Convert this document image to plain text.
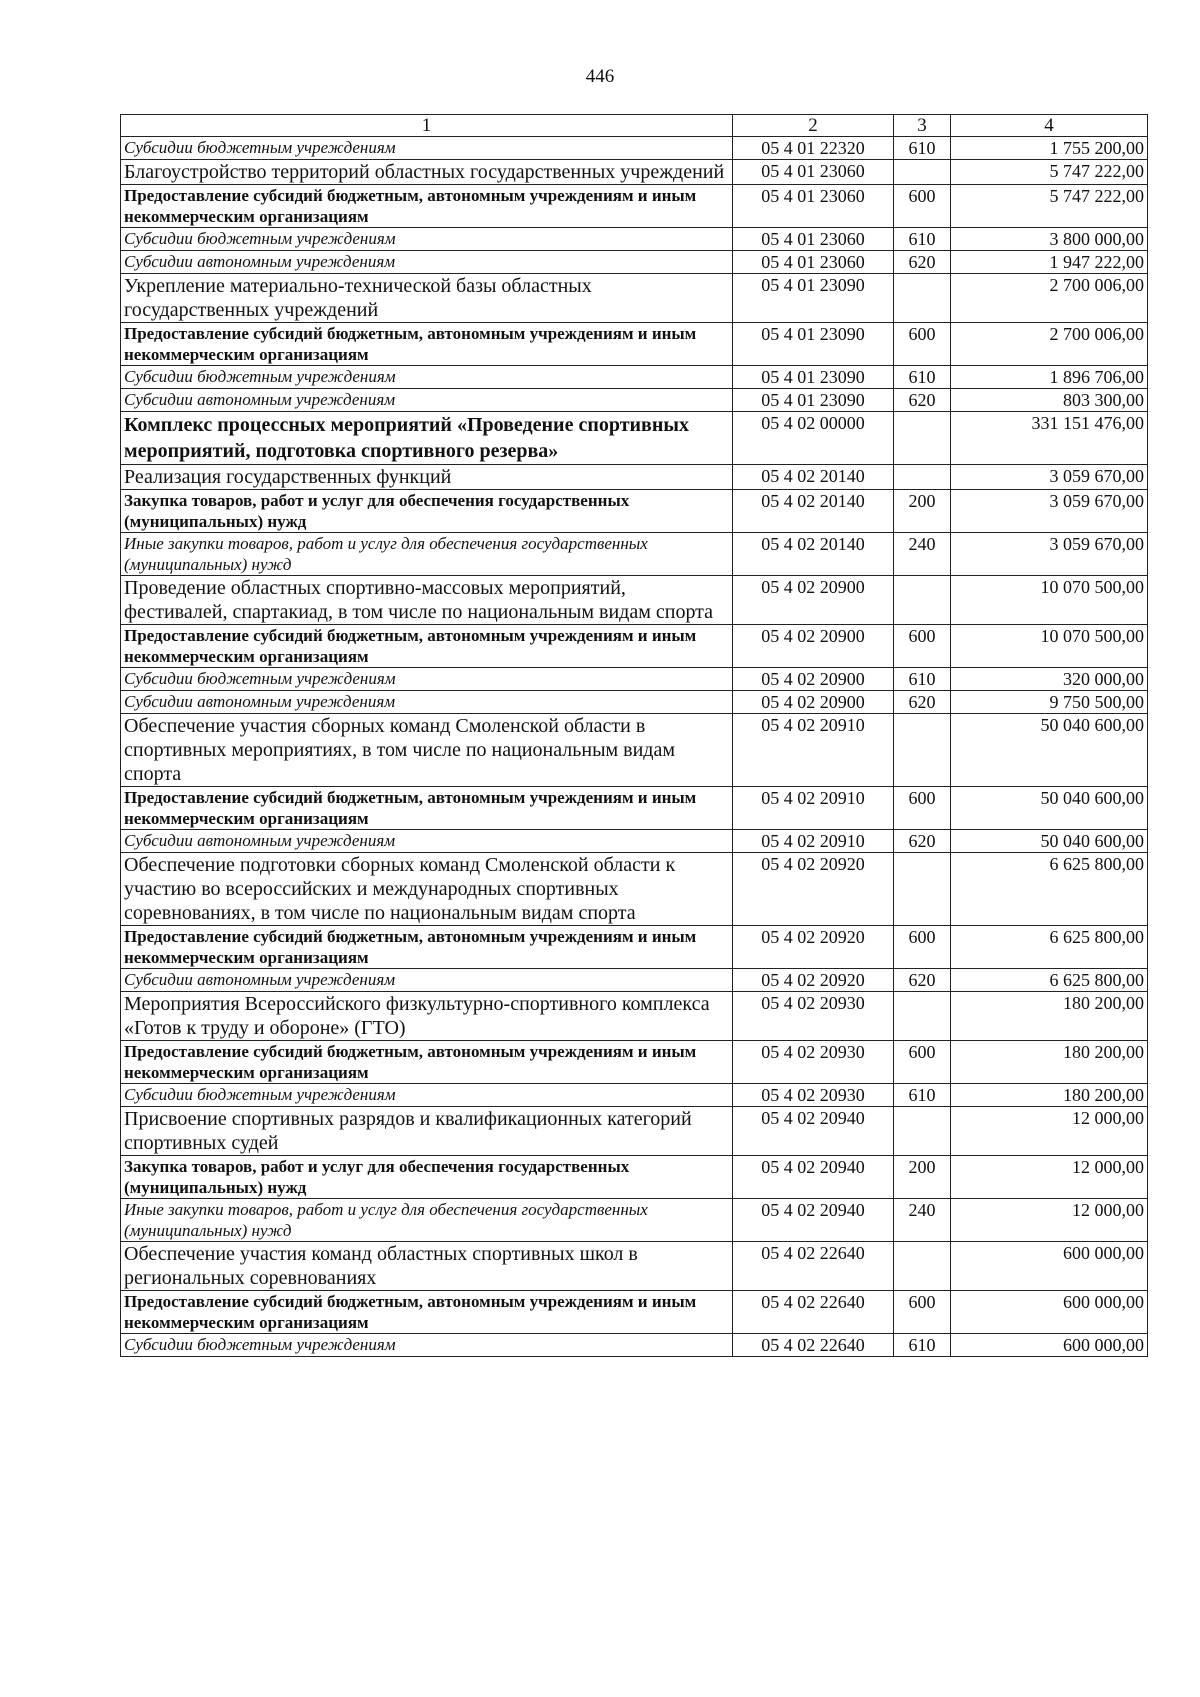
446
1	2	3	4
Субсидии бюджетным учреждениям	05 4 01 22320	610	1 755 200,00
Благоустройство территорий областных государственных учреждений	05 4 01 23060		5 747 222,00
Предоставление субсидий бюджетным, автономным учреждениям и иным некоммерческим организациям	05 4 01 23060	600	5 747 222,00
Субсидии бюджетным учреждениям	05 4 01 23060	610	3 800 000,00
Субсидии автономным учреждениям	05 4 01 23060	620	1 947 222,00
Укрепление материально-технической базы областных государственных учреждений	05 4 01 23090		2 700 006,00
Предоставление субсидий бюджетным, автономным учреждениям и иным некоммерческим организациям	05 4 01 23090	600	2 700 006,00
Субсидии бюджетным учреждениям	05 4 01 23090	610	1 896 706,00
Субсидии автономным учреждениям	05 4 01 23090	620	803 300,00
Комплекс процессных мероприятий «Проведение спортивных мероприятий, подготовка спортивного резерва»	05 4 02 00000		331 151 476,00
Реализация государственных функций	05 4 02 20140		3 059 670,00
Закупка товаров, работ и услуг для обеспечения государственных (муниципальных) нужд	05 4 02 20140	200	3 059 670,00
Иные закупки товаров, работ и услуг для обеспечения государственных (муниципальных) нужд	05 4 02 20140	240	3 059 670,00
Проведение областных спортивно-массовых мероприятий, фестивалей, спартакиад, в том числе по национальным видам спорта	05 4 02 20900		10 070 500,00
Предоставление субсидий бюджетным, автономным учреждениям и иным некоммерческим организациям	05 4 02 20900	600	10 070 500,00
Субсидии бюджетным учреждениям	05 4 02 20900	610	320 000,00
Субсидии автономным учреждениям	05 4 02 20900	620	9 750 500,00
Обеспечение участия сборных команд Смоленской области в спортивных мероприятиях, в том числе по национальным видам спорта	05 4 02 20910		50 040 600,00
Предоставление субсидий бюджетным, автономным учреждениям и иным некоммерческим организациям	05 4 02 20910	600	50 040 600,00
Субсидии автономным учреждениям	05 4 02 20910	620	50 040 600,00
Обеспечение подготовки сборных команд Смоленской области к участию во всероссийских и международных спортивных соревнованиях, в том числе по национальным видам спорта	05 4 02 20920		6 625 800,00
Предоставление субсидий бюджетным, автономным учреждениям и иным некоммерческим организациям	05 4 02 20920	600	6 625 800,00
Субсидии автономным учреждениям	05 4 02 20920	620	6 625 800,00
Мероприятия Всероссийского физкультурно-спортивного комплекса «Готов к труду и обороне» (ГТО)	05 4 02 20930		180 200,00
Предоставление субсидий бюджетным, автономным учреждениям и иным некоммерческим организациям	05 4 02 20930	600	180 200,00
Субсидии бюджетным учреждениям	05 4 02 20930	610	180 200,00
Присвоение спортивных разрядов и квалификационных категорий спортивных судей	05 4 02 20940		12 000,00
Закупка товаров, работ и услуг для обеспечения государственных (муниципальных) нужд	05 4 02 20940	200	12 000,00
Иные закупки товаров, работ и услуг для обеспечения государственных (муниципальных) нужд	05 4 02 20940	240	12 000,00
Обеспечение участия команд областных спортивных школ в региональных соревнованиях	05 4 02 22640		600 000,00
Предоставление субсидий бюджетным, автономным учреждениям и иным некоммерческим организациям	05 4 02 22640	600	600 000,00
Субсидии бюджетным учреждениям	05 4 02 22640	610	600 000,00
